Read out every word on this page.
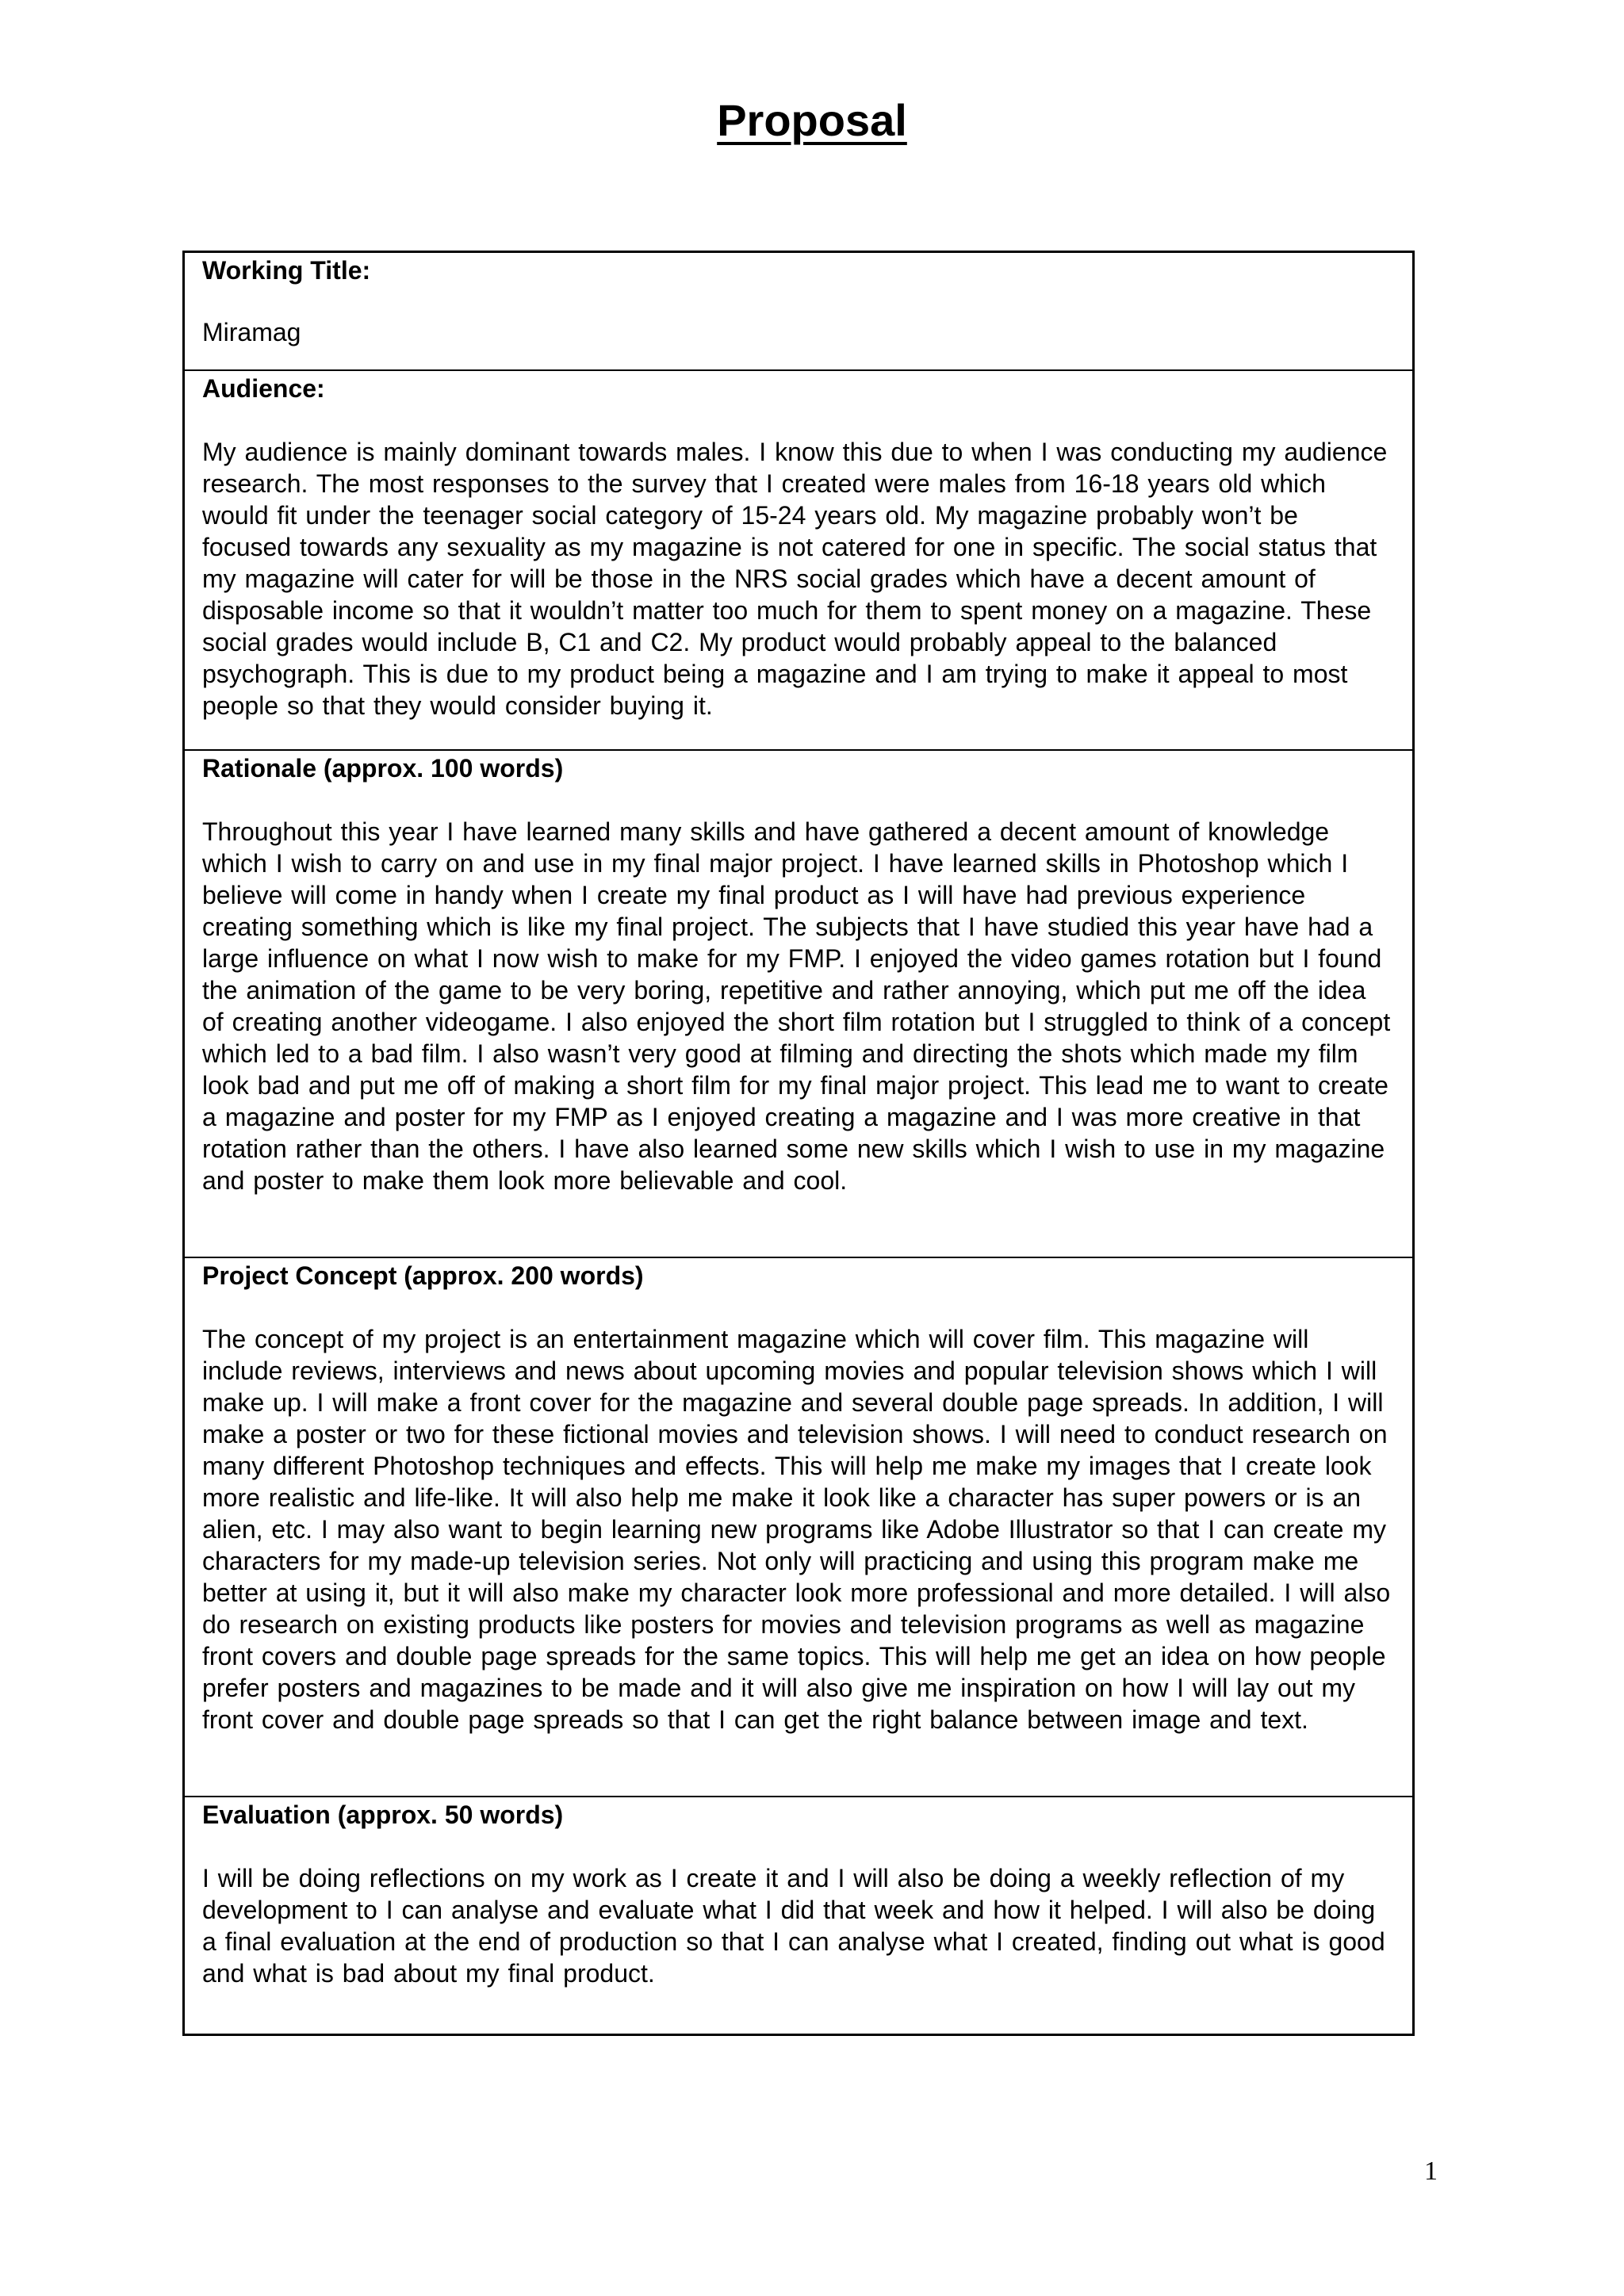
Proposal

Working Title:

Miramag

Audience:

My audience is mainly dominant towards males. I know this due to when I was conducting my audience research. The most responses to the survey that I created were males from 16-18 years old which would fit under the teenager social category of 15-24 years old. My magazine probably won’t be focused towards any sexuality as my magazine is not catered for one in specific. The social status that my magazine will cater for will be those in the NRS social grades which have a decent amount of disposable income so that it wouldn’t matter too much for them to spent money on a magazine. These social grades would include B, C1 and C2. My product would probably appeal to the balanced psychograph. This is due to my product being a magazine and I am trying to make it appeal to most people so that they would consider buying it.

Rationale (approx. 100 words)

Throughout this year I have learned many skills and have gathered a decent amount of knowledge which I wish to carry on and use in my final major project. I have learned skills in Photoshop which I believe will come in handy when I create my final product as I will have had previous experience creating something which is like my final project. The subjects that I have studied this year have had a large influence on what I now wish to make for my FMP. I enjoyed the video games rotation but I found the animation of the game to be very boring, repetitive and rather annoying, which put me off the idea of creating another videogame. I also enjoyed the short film rotation but I struggled to think of a concept which led to a bad film. I also wasn’t very good at filming and directing the shots which made my film look bad and put me off of making a short film for my final major project. This lead me to want to create a magazine and poster for my FMP as I enjoyed creating a magazine and I was more creative in that rotation rather than the others. I have also learned some new skills which I wish to use in my magazine and poster to make them look more believable and cool.

Project Concept (approx. 200 words)

The concept of my project is an entertainment magazine which will cover film. This magazine will include reviews, interviews and news about upcoming movies and popular television shows which I will make up. I will make a front cover for the magazine and several double page spreads. In addition, I will make a poster or two for these fictional movies and television shows. I will need to conduct research on many different Photoshop techniques and effects. This will help me make my images that I create look more realistic and life-like. It will also help me make it look like a character has super powers or is an alien, etc. I may also want to begin learning new programs like Adobe Illustrator so that I can create my characters for my made-up television series. Not only will practicing and using this program make me better at using it, but it will also make my character look more professional and more detailed. I will also do research on existing products like posters for movies and television programs as well as magazine front covers and double page spreads for the same topics. This will help me get an idea on how people prefer posters and magazines to be made and it will also give me inspiration on how I will lay out my front cover and double page spreads so that I can get the right balance between image and text.

Evaluation (approx. 50 words)

I will be doing reflections on my work as I create it and I will also be doing a weekly reflection of my development to I can analyse and evaluate what I did that week and how it helped. I will also be doing a final evaluation at the end of production so that I can analyse what I created, finding out what is good and what is bad about my final product.

1
